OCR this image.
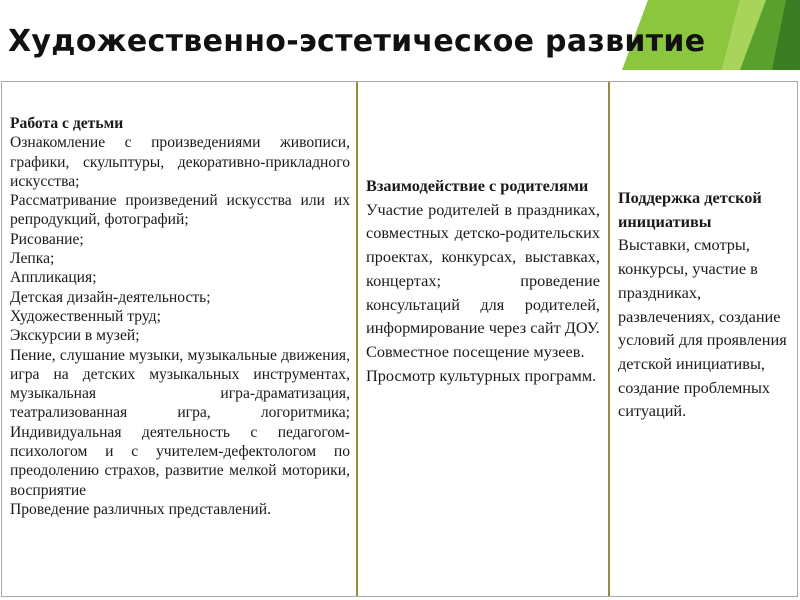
Художественно-эстетическое развитие
Работа с детьми
Ознакомление с произведениями живописи, графики, скульптуры, декоративно-прикладного искусства;
Рассматривание произведений искусства или их репродукций, фотографий;
Рисование;
Лепка;
Аппликация;
Детская дизайн-деятельность;
Художественный труд;
Экскурсии в музей;
Пение, слушание музыки, музыкальные движения, игра на детских музыкальных инструментах, музыкальная игра-драматизация, театрализованная игра, логоритмика; Индивидуальная деятельность с педагогом-психологом и с учителем-дефектологом по преодолению страхов, развитие мелкой моторики, восприятие
Проведение различных представлений.
Взаимодействие с родителями
Участие родителей в праздниках, совместных детско-родительских проектах, конкурсах, выставках, концертах; проведение консультаций для родителей, информирование через сайт ДОУ.
Совместное посещение музеев. Просмотр культурных программ.
Поддержка детской инициативы
Выставки, смотры, конкурсы, участие в праздниках, развлечениях, создание условий для проявления детской инициативы, создание проблемных ситуаций.
